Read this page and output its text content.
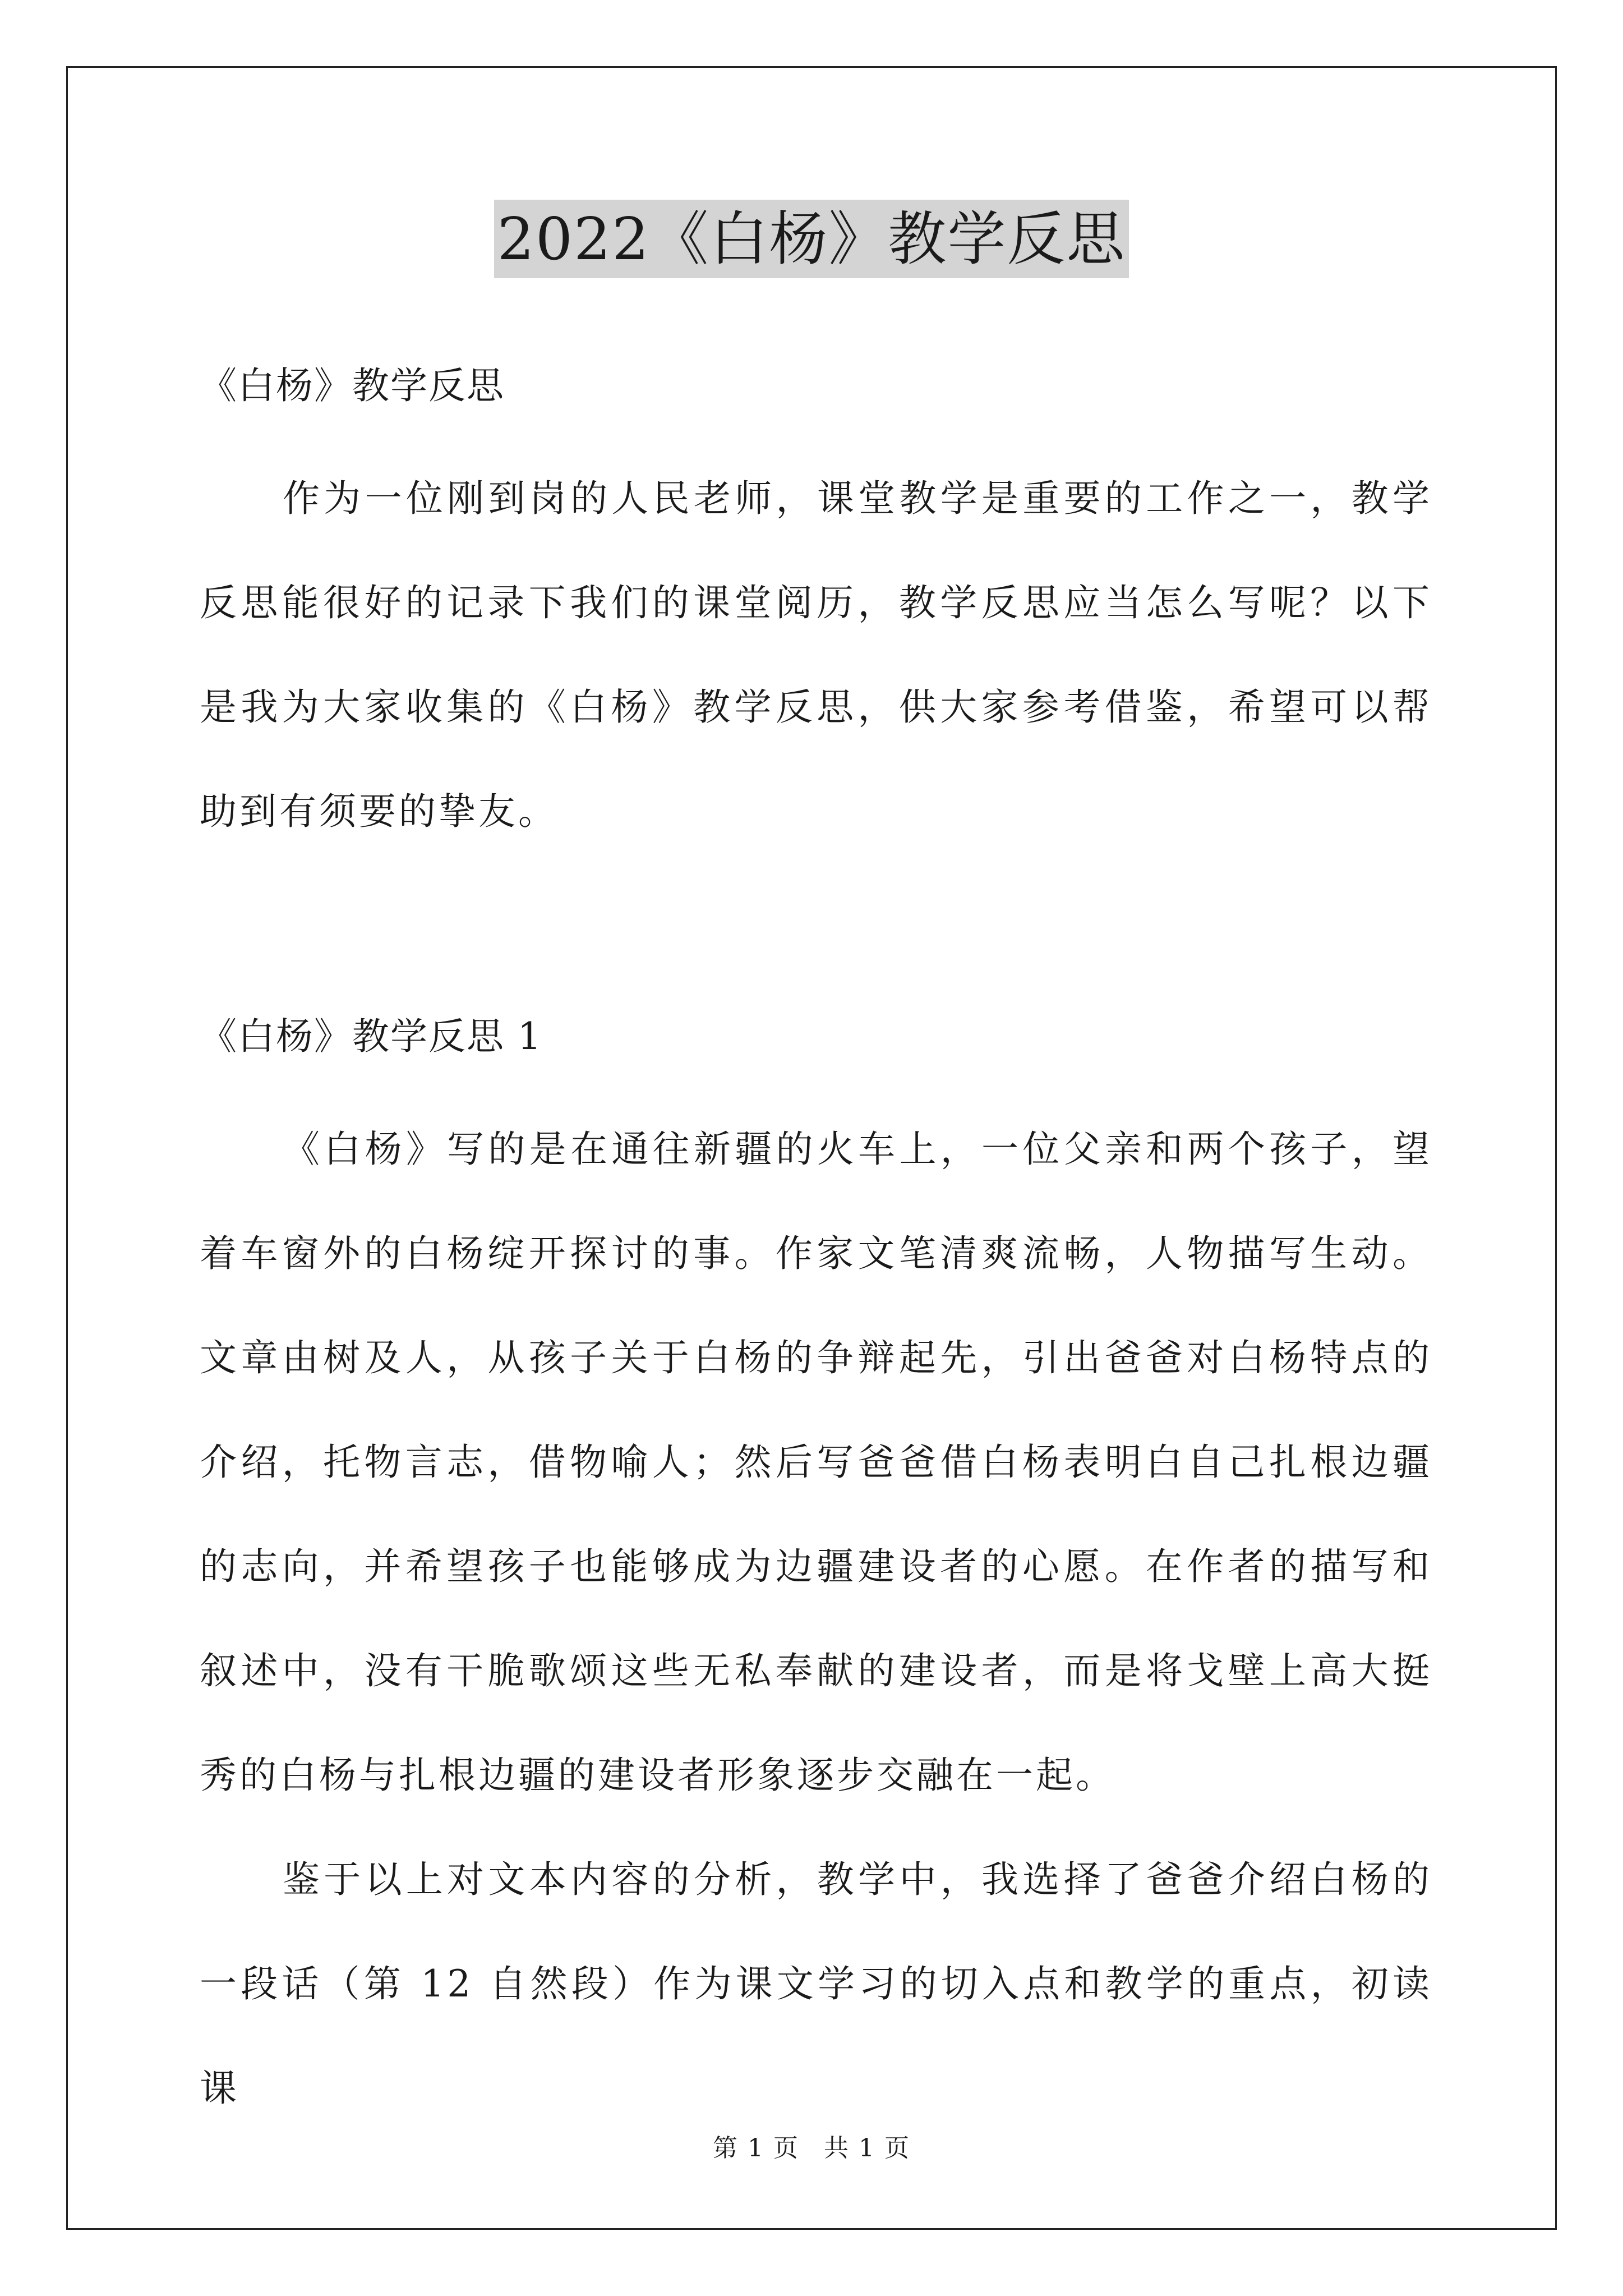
2022《白杨》教学反思

《白杨》教学反思

作为一位刚到岗的人民老师，课堂教学是重要的工作之一，教学反思能很好的记录下我们的课堂阅历，教学反思应当怎么写呢？以下是我为大家收集的《白杨》教学反思，供大家参考借鉴，希望可以帮助到有须要的挚友。

《白杨》教学反思 1

《白杨》写的是在通往新疆的火车上，一位父亲和两个孩子，望着车窗外的白杨绽开探讨的事。作家文笔清爽流畅，人物描写生动。文章由树及人，从孩子关于白杨的争辩起先，引出爸爸对白杨特点的介绍，托物言志，借物喻人；然后写爸爸借白杨表明白自己扎根边疆的志向，并希望孩子也能够成为边疆建设者的心愿。在作者的描写和叙述中，没有干脆歌颂这些无私奉献的建设者，而是将戈壁上高大挺秀的白杨与扎根边疆的建设者形象逐步交融在一起。

鉴于以上对文本内容的分析，教学中，我选择了爸爸介绍白杨的一段话（第 12 自然段）作为课文学习的切入点和教学的重点，初读课

第 1 页 共 1 页
